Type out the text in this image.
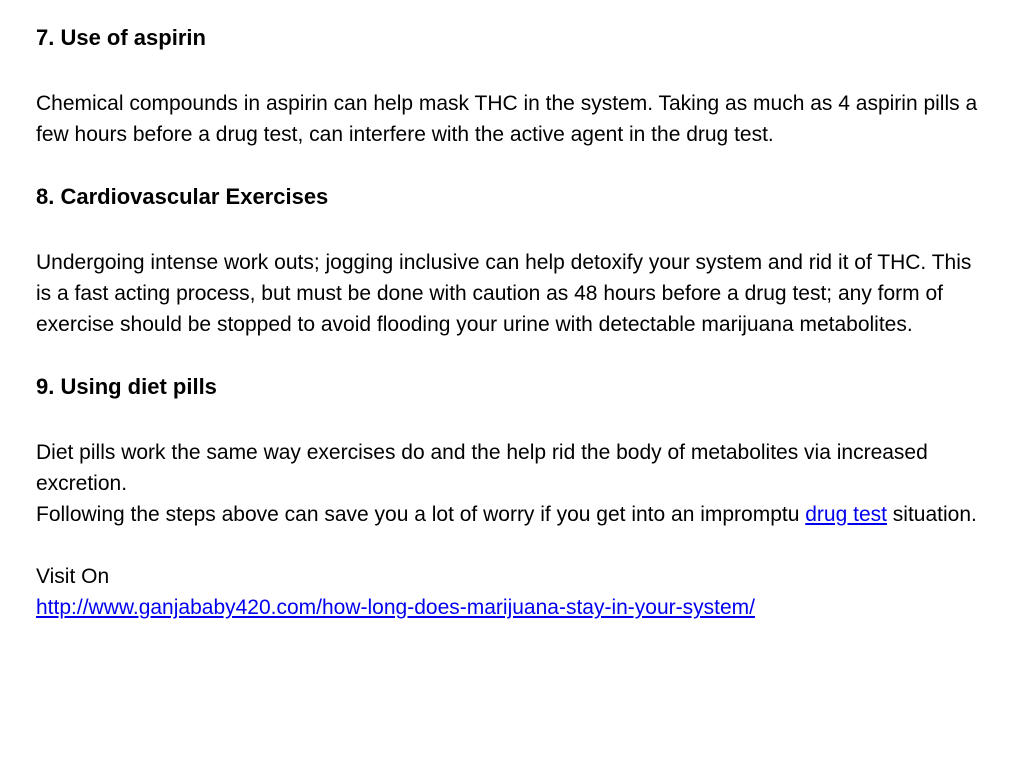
7. Use of aspirin

Chemical compounds in aspirin can help mask THC in the system. Taking as much as 4 aspirin pills a few hours before a drug test, can interfere with the active agent in the drug test.

8. Cardiovascular Exercises

Undergoing intense work outs; jogging inclusive can help detoxify your system and rid it of THC. This is a fast acting process, but must be done with caution as 48 hours before a drug test; any form of exercise should be stopped to avoid flooding your urine with detectable marijuana metabolites.

9. Using diet pills

Diet pills work the same way exercises do and the help rid the body of metabolites via increased excretion.

Following the steps above can save you a lot of worry if you get into an impromptu drug test situation.

Visit On

http://www.ganjababy420.com/how-long-does-marijuana-stay-in-your-system/
